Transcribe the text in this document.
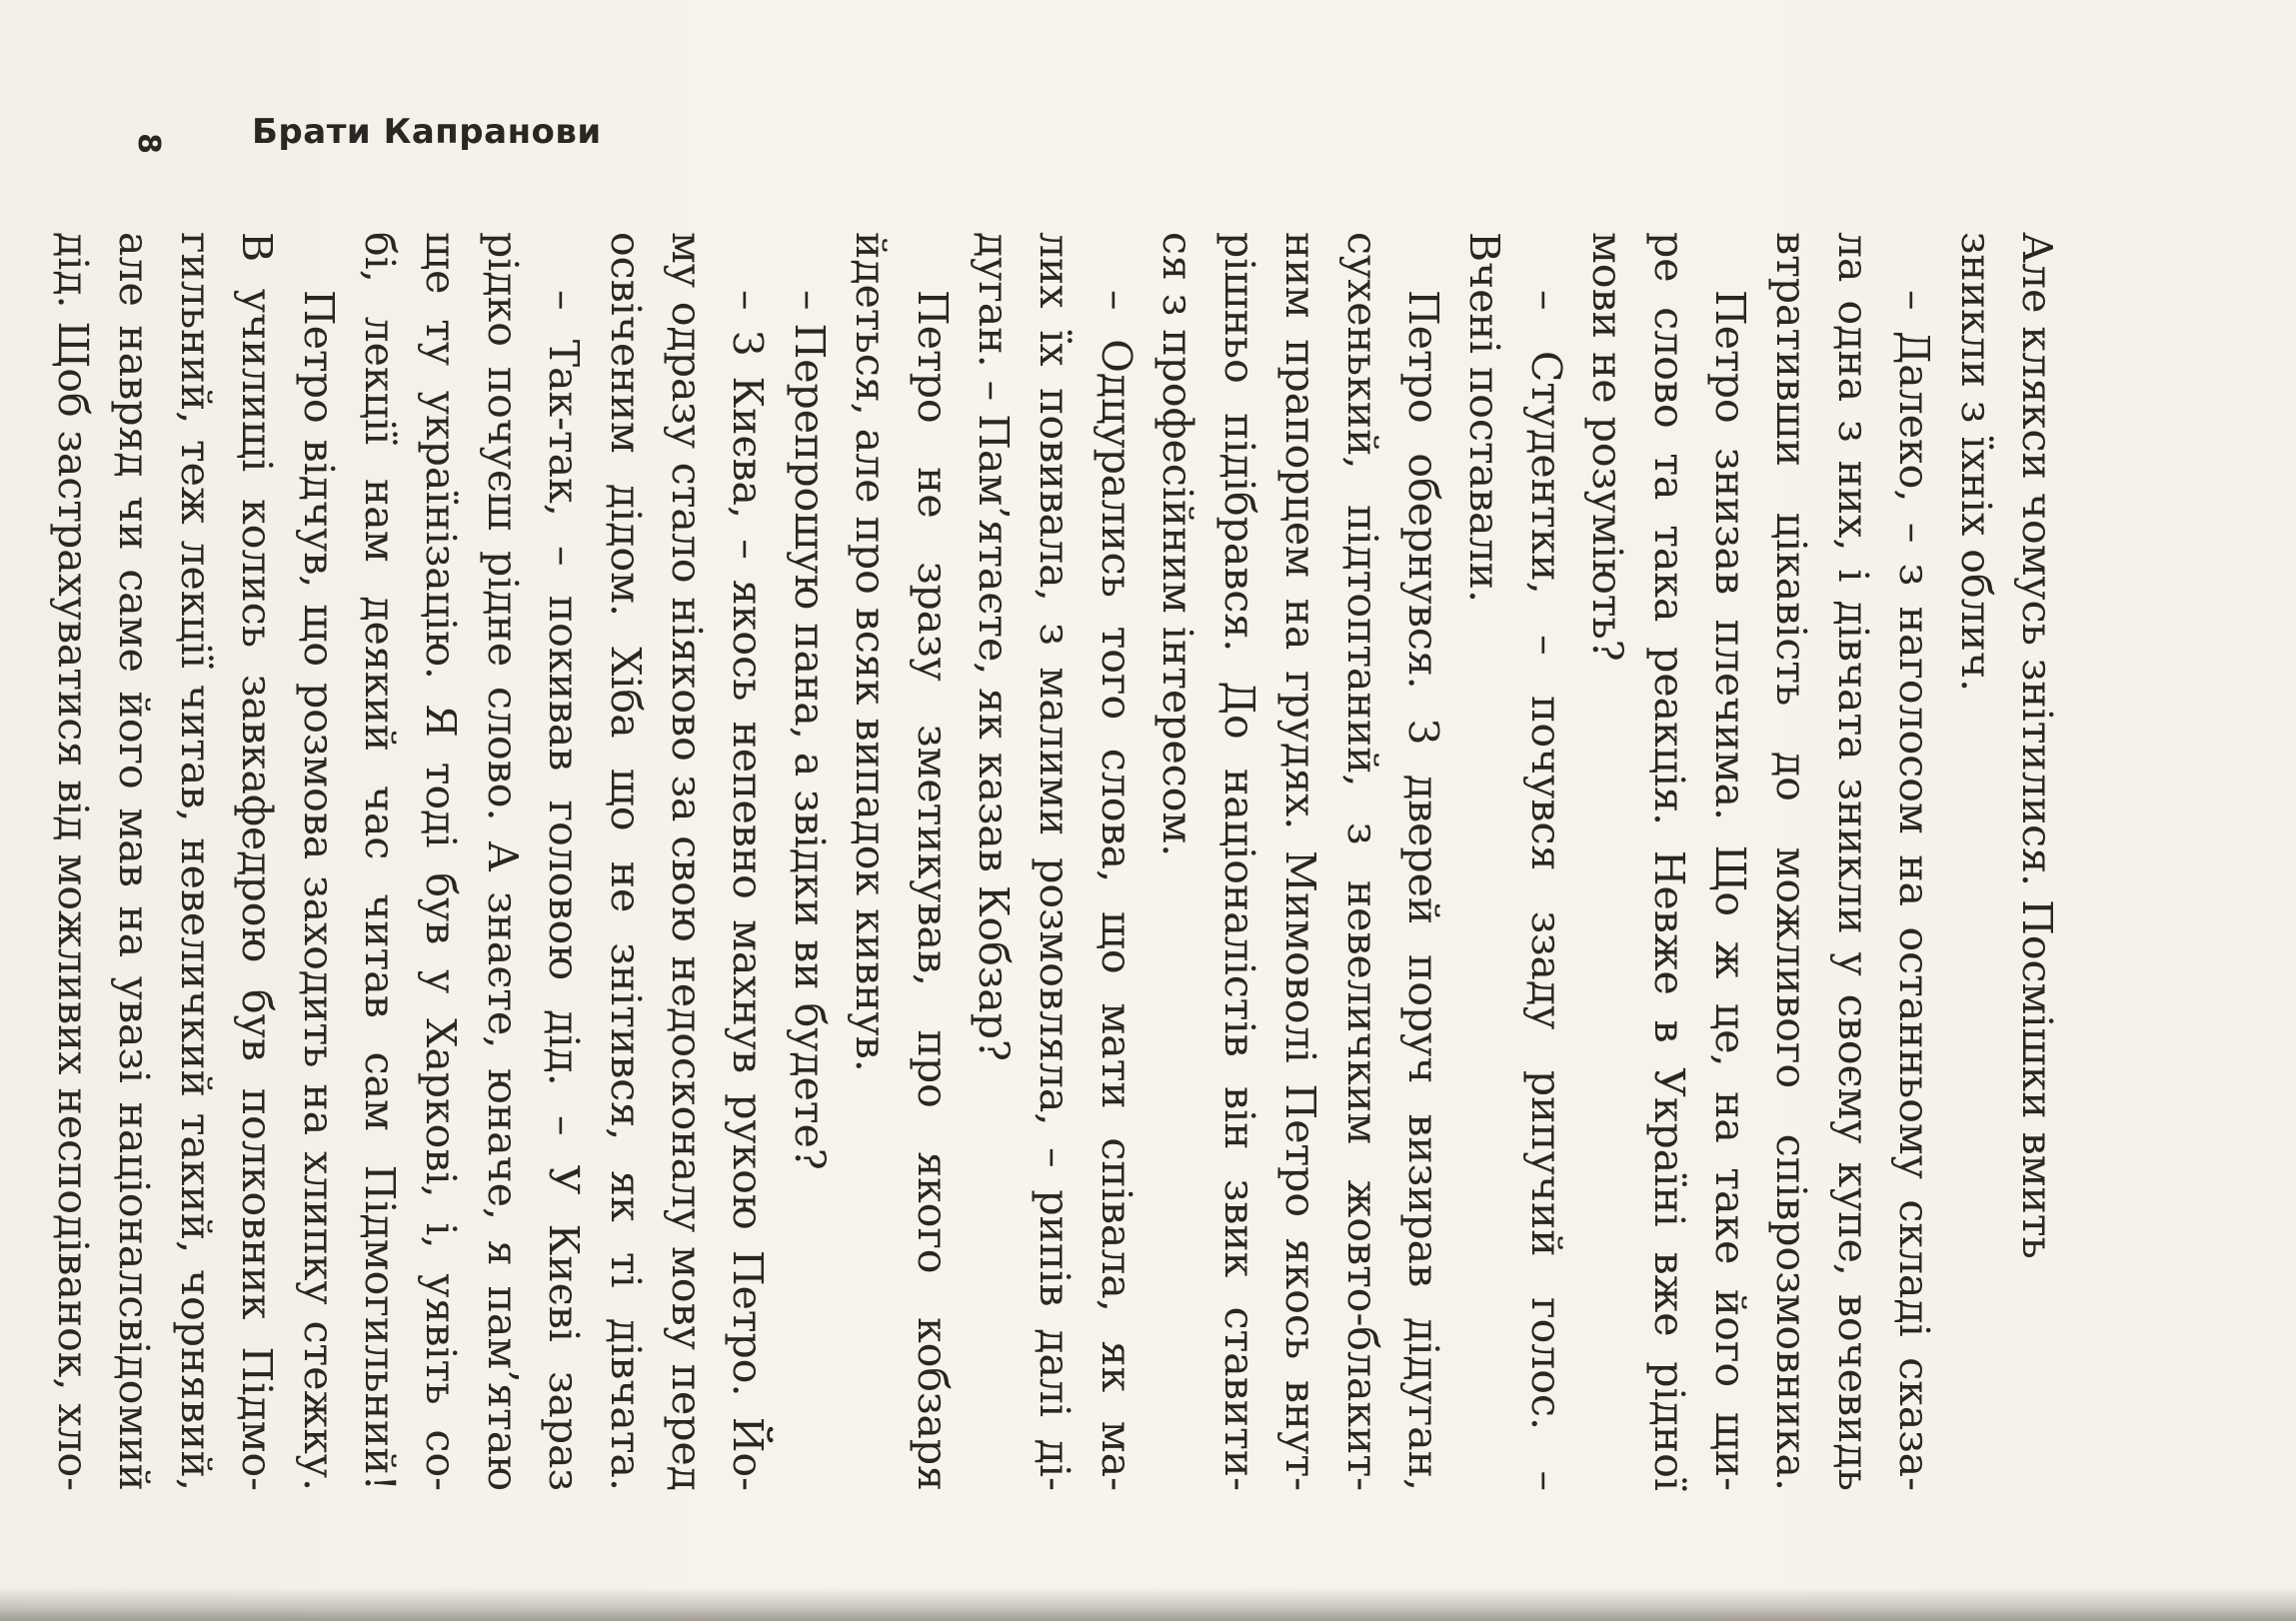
8	Брати Капранови
Але клякси чомусь знітилися. Посмішки вмить
зникли з їхніх облич.
– Далеко, – з наголосом на останньому складі сказа-
ла одна з них, і дівчата зникли у своєму купе, вочевидь
втративши цікавість до можливого співрозмовника.
Петро знизав плечима. Що ж це, на таке його щи-
ре слово та така реакція. Невже в Україні вже рідної
мови не розуміють?
– Студентки, – почувся ззаду рипучий голос. –
Вчені поставали.
Петро обернувся. З дверей поруч визирав дідуган,
сухенький, підтоптаний, з невеличким жовто-блакит-
ним прапорцем на грудях. Мимоволі Петро якось внут-
рішньо підібрався. До націоналістів він звик ставити-
ся з професійним інтересом.
– Одцурались того слова, що мати співала, як ма-
лих їх повивала, з малими розмовляла, – рипів далі ді-
дуган. – Пам’ятаєте, як казав Кобзар?
Петро не зразу зметикував, про якого кобзаря
йдеться, але про всяк випадок кивнув.
– Перепрошую пана, а звідки ви будете?
– З Києва, – якось непевно махнув рукою Петро. Йо-
му одразу стало ніяково за свою недосконалу мову перед
освіченим дідом. Хіба що не знітився, як ті дівчата.
– Так-так, – покивав головою дід. – У Києві зараз
рідко почуєш рідне слово. А знаєте, юначе, я пам’ятаю
ще ту українізацію. Я тоді був у Харкові, і, уявіть со-
бі, лекції нам деякий час читав сам Підмогильний!
Петро відчув, що розмова заходить на хлипку стежку.
В училищі колись завкафедрою був полковник Підмо-
гильний, теж лекції читав, невеличкий такий, чорнявий,
але навряд чи саме його мав на увазі націоналсвідомий
дід. Щоб застрахуватися від можливих несподіванок, хло-
